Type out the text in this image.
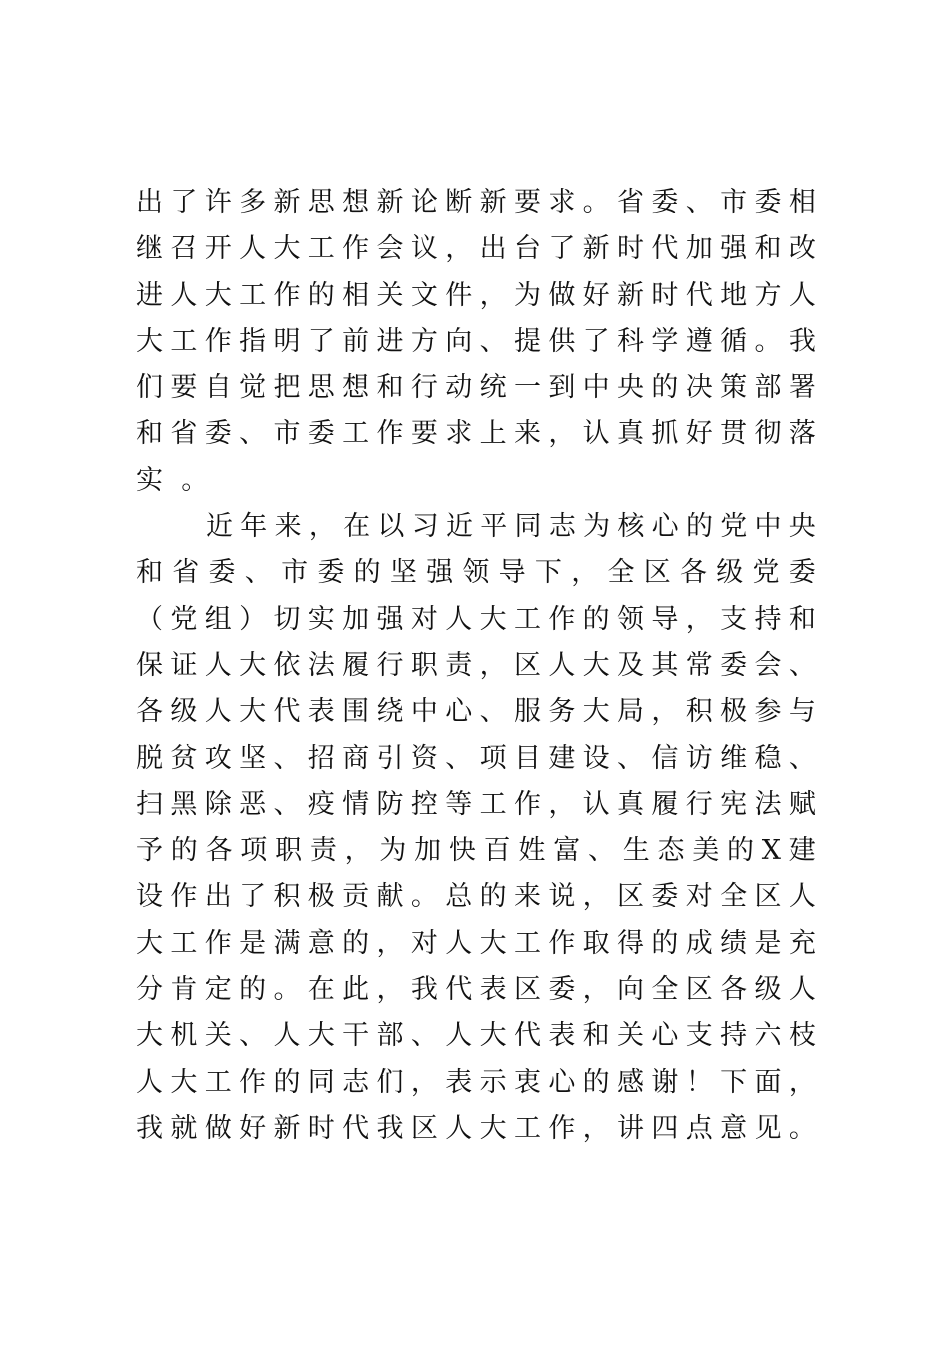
出 了 许 多 新 思 想 新 论 断 新 要 求 。 省 委 、 市 委 相
继 召 开 人 大 工 作 会 议 ， 出 台 了 新 时 代 加 强 和 改
进 人 大 工 作 的 相 关 文 件 ， 为 做 好 新 时 代 地 方 人
大 工 作 指 明 了 前 进 方 向 、 提 供 了 科 学 遵 循 。 我
们 要 自 觉 把 思 想 和 行 动 统 一 到 中 央 的 决 策 部 署
和 省 委 、 市 委 工 作 要 求 上 来 ， 认 真 抓 好 贯 彻 落
实 。
近 年 来 ， 在 以 习 近 平 同 志 为 核 心 的 党 中 央
和 省 委 、 市 委 的 坚 强 领 导 下 ， 全 区 各 级 党 委
（ 党 组 ） 切 实 加 强 对 人 大 工 作 的 领 导 ， 支 持 和
保 证 人 大 依 法 履 行 职 责 ， 区 人 大 及 其 常 委 会 、
各 级 人 大 代 表 围 绕 中 心 、 服 务 大 局 ， 积 极 参 与
脱 贫 攻 坚 、 招 商 引 资 、 项 目 建 设 、 信 访 维 稳 、
扫 黑 除 恶 、 疫 情 防 控 等 工 作 ， 认 真 履 行 宪 法 赋
予 的 各 项 职 责 ， 为 加 快 百 姓 富 、 生 态 美 的 X 建
设 作 出 了 积 极 贡 献 。 总 的 来 说 ， 区 委 对 全 区 人
大 工 作 是 满 意 的 ， 对 人 大 工 作 取 得 的 成 绩 是 充
分 肯 定 的 。 在 此 ， 我 代 表 区 委 ， 向 全 区 各 级 人
大 机 关 、 人 大 干 部 、 人 大 代 表 和 关 心 支 持 六 枝
人 大 工 作 的 同 志 们 ， 表 示 衷 心 的 感 谢 ！ 下 面 ，
我 就 做 好 新 时 代 我 区 人 大 工 作 ， 讲 四 点 意 见 。
